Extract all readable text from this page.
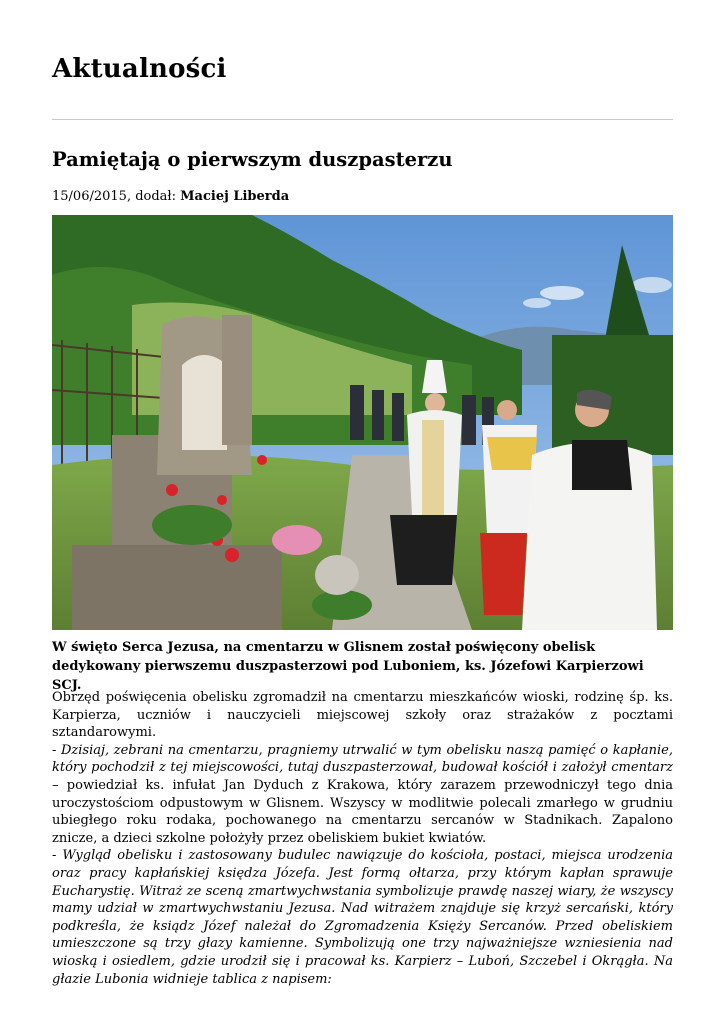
Aktualności
Pamiętają o pierwszym duszpasterzu
15/06/2015, dodał: Maciej Liberda

W święto Serca Jezusa, na cmentarzu w Glisnem został poświęcony obelisk dedykowany pierwszemu duszpasterzowi pod Luboniem, ks. Józefowi Karpierzowi SCJ.

Obrzęd poświęcenia obelisku zgromadził na cmentarzu mieszkańców wioski, rodzinę śp. ks. Karpierza, uczniów i nauczycieli miejscowej szkoły oraz strażaków z pocztami sztandarowymi.

- Dzisiaj, zebrani na cmentarzu, pragniemy utrwalić w tym obelisku naszą pamięć o kapłanie, który pochodził z tej miejscowości, tutaj duszpasterzował, budował kościół i założył cmentarz – powiedział ks. infułat Jan Dyduch z Krakowa, który zarazem przewodniczył tego dnia uroczystościom odpustowym w Glisnem. Wszyscy w modlitwie polecali zmarłego w grudniu ubiegłego roku rodaka, pochowanego na cmentarzu sercanów w Stadnikach. Zapalono znicze, a dzieci szkolne położyły przez obeliskiem bukiet kwiatów.

- Wygląd obelisku i zastosowany budulec nawiązuje do kościoła, postaci, miejsca urodzenia oraz pracy kapłańskiej księdza Józefa. Jest formą ołtarza, przy którym kapłan sprawuje Eucharystię. Witraż ze sceną zmartwychwstania symbolizuje prawdę naszej wiary, że wszyscy mamy udział w zmartwychwstaniu Jezusa. Nad witrażem znajduje się krzyż sercański, który podkreśla, że ksiądz Józef należał do Zgromadzenia Księży Sercanów. Przed obeliskiem umieszczone są trzy głazy kamienne. Symbolizują one trzy najważniejsze wzniesienia nad wioską i osiedlem, gdzie urodził się i pracował ks. Karpierz – Luboń, Szczebel i Okrągła. Na głazie Lubonia widnieje tablica z napisem:
